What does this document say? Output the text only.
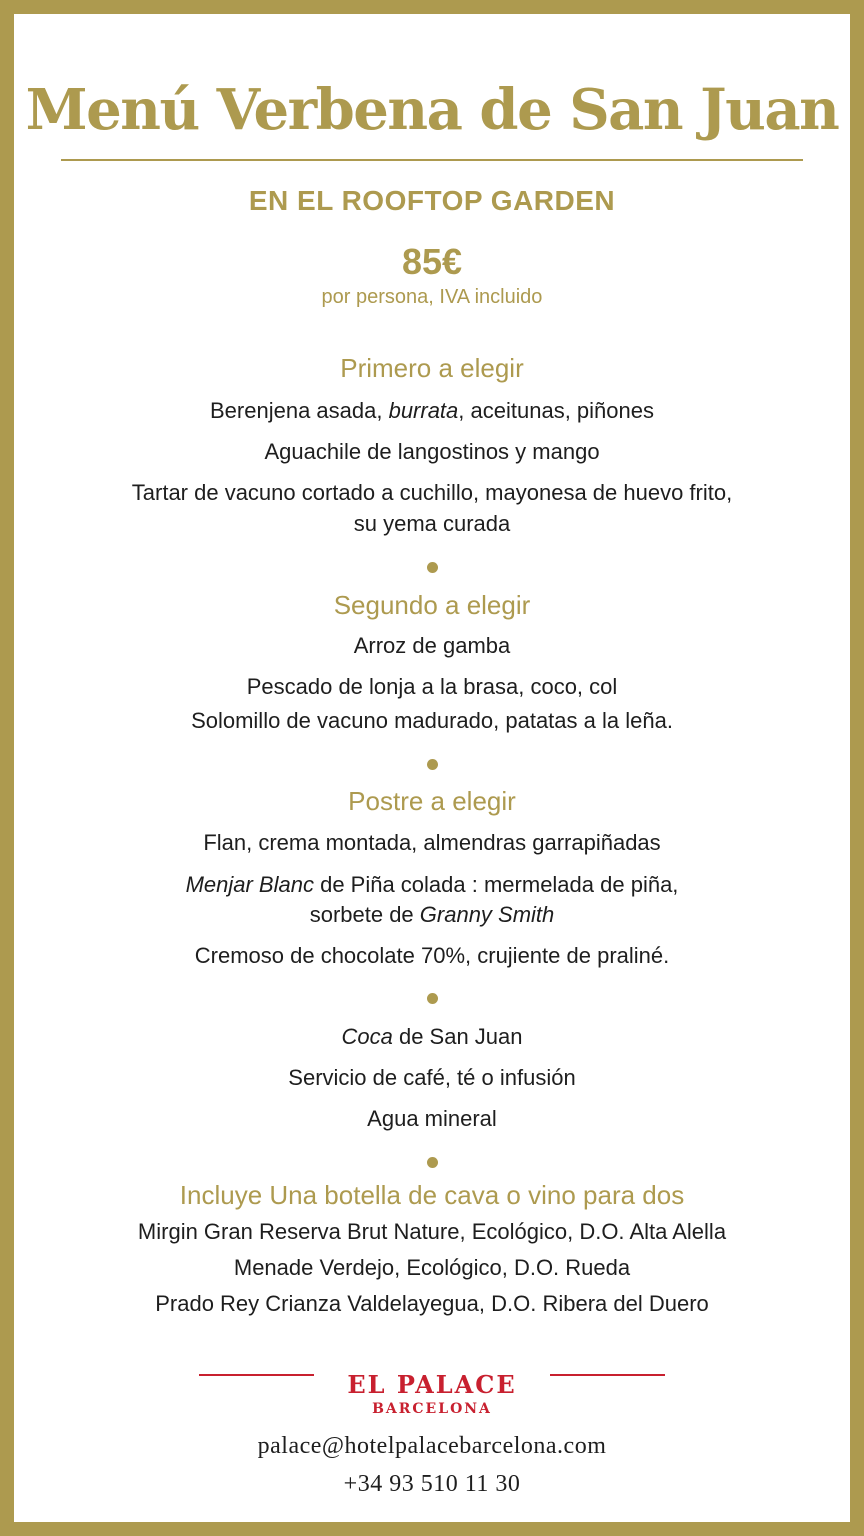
Menú Verbena de San Juan
EN EL ROOFTOP GARDEN
85€
por persona, IVA incluido
Primero a elegir
Berenjena asada, burrata, aceitunas, piñones
Aguachile de langostinos y mango
Tartar de vacuno cortado a cuchillo, mayonesa de huevo frito,
su yema curada
Segundo a elegir
Arroz de gamba
Pescado de lonja a la brasa, coco, col
Solomillo de vacuno madurado, patatas a la leña.
Postre a elegir
Flan, crema montada, almendras garrapiñadas
Menjar Blanc de Piña colada : mermelada de piña,
sorbete de Granny Smith
Cremoso de chocolate 70%, crujiente de praliné.
Coca de San Juan
Servicio de café, té o infusión
Agua mineral
Incluye Una botella de cava o vino para dos
Mirgin Gran Reserva Brut Nature, Ecológico, D.O. Alta Alella
Menade Verdejo, Ecológico, D.O. Rueda
Prado Rey Crianza Valdelayegua, D.O. Ribera del Duero
EL PALACE
BARCELONA
palace@hotelpalacebarcelona.com
+34 93 510 11 30
